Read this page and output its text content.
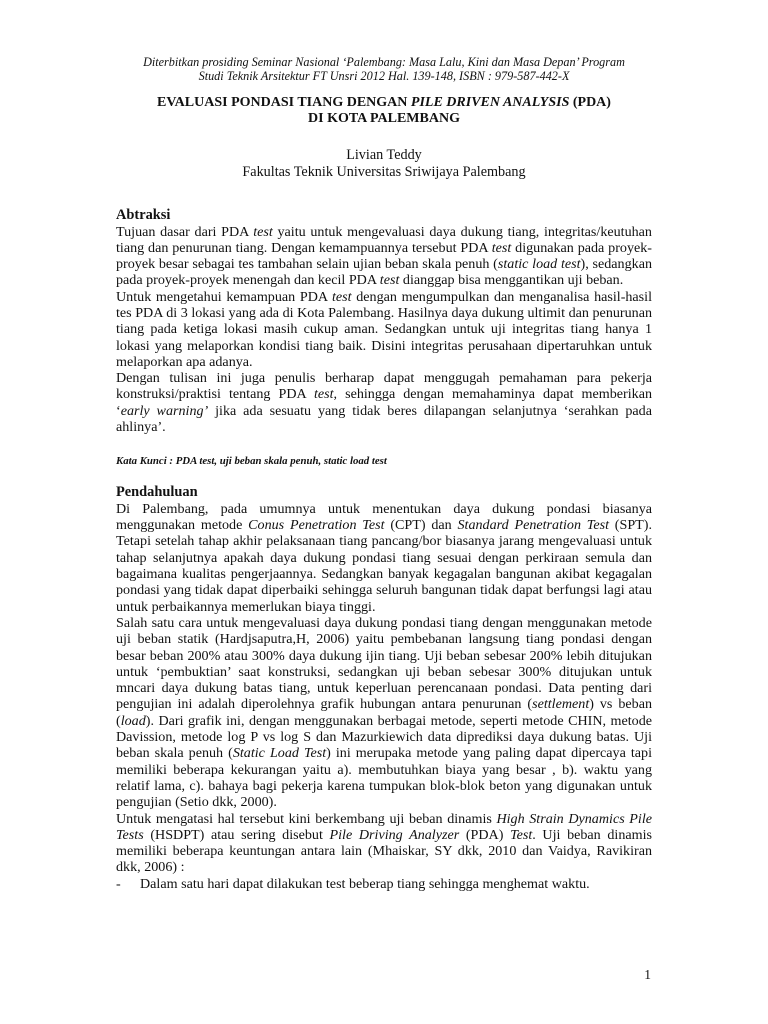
Diterbitkan prosiding Seminar Nasional ‘Palembang: Masa Lalu, Kini dan Masa Depan’ Program
Studi Teknik Arsitektur FT Unsri 2012 Hal. 139-148, ISBN : 979-587-442-X
EVALUASI PONDASI TIANG DENGAN PILE DRIVEN ANALYSIS (PDA)
DI KOTA PALEMBANG
Livian Teddy
Fakultas Teknik Universitas Sriwijaya Palembang
Abtraksi

Tujuan dasar dari PDA test yaitu untuk mengevaluasi daya dukung tiang, integritas/keutuhan tiang dan penurunan tiang. Dengan kemampuannya tersebut PDA test digunakan pada proyek-proyek besar sebagai tes tambahan selain ujian beban skala penuh (static load test), sedangkan pada proyek-proyek menengah dan kecil PDA test dianggap bisa menggantikan uji beban.

Untuk mengetahui kemampuan PDA test dengan mengumpulkan dan menganalisa hasil-hasil tes PDA di 3 lokasi yang ada di Kota Palembang. Hasilnya daya dukung ultimit dan penurunan tiang pada ketiga lokasi masih cukup aman. Sedangkan untuk uji integritas tiang hanya 1 lokasi yang melaporkan kondisi tiang baik. Disini integritas perusahaan dipertaruhkan untuk melaporkan apa adanya.

Dengan tulisan ini juga penulis berharap dapat menggugah pemahaman para pekerja konstruksi/praktisi tentang PDA test, sehingga dengan memahaminya dapat memberikan ‘early warning’ jika ada sesuatu yang tidak beres dilapangan selanjutnya ‘serahkan pada ahlinya’.

Kata Kunci : PDA test, uji beban skala penuh, static load test
Pendahuluan

Di Palembang, pada umumnya untuk menentukan daya dukung pondasi biasanya menggunakan metode Conus Penetration Test (CPT) dan Standard Penetration Test (SPT). Tetapi setelah tahap akhir pelaksanaan tiang pancang/bor biasanya jarang mengevaluasi untuk tahap selanjutnya apakah daya dukung pondasi tiang sesuai dengan perkiraan semula dan bagaimana kualitas pengerjaannya. Sedangkan banyak kegagalan bangunan akibat kegagalan pondasi yang tidak dapat diperbaiki sehingga seluruh bangunan tidak dapat berfungsi lagi atau untuk perbaikannya memerlukan biaya tinggi.

Salah satu cara untuk mengevaluasi daya dukung pondasi tiang dengan menggunakan metode uji beban statik (Hardjsaputra,H, 2006) yaitu pembebanan langsung tiang pondasi dengan besar beban 200% atau 300% daya dukung ijin tiang. Uji beban sebesar 200% lebih ditujukan untuk ‘pembuktian’ saat konstruksi, sedangkan uji beban sebesar 300% ditujukan untuk mncari daya dukung batas tiang, untuk keperluan perencanaan pondasi. Data penting dari pengujian ini adalah diperolehnya grafik hubungan antara penurunan (settlement) vs beban (load). Dari grafik ini, dengan menggunakan berbagai metode, seperti metode CHIN, metode Davission, metode log P vs log S dan Mazurkiewich data diprediksi daya dukung batas. Uji beban skala penuh (Static Load Test) ini merupaka metode yang paling dapat dipercaya tapi memiliki beberapa kekurangan yaitu a). membutuhkan biaya yang besar , b). waktu yang relatif lama, c). bahaya bagi pekerja karena tumpukan blok-blok beton yang digunakan untuk pengujian (Setio dkk, 2000).

Untuk mengatasi hal tersebut kini berkembang uji beban dinamis High Strain Dynamics Pile Tests (HSDPT) atau sering disebut Pile Driving Analyzer (PDA) Test. Uji beban dinamis memiliki beberapa keuntungan antara lain (Mhaiskar, SY dkk, 2010 dan Vaidya, Ravikiran dkk, 2006) :

-	Dalam satu hari dapat dilakukan test beberap tiang sehingga menghemat waktu.
1
